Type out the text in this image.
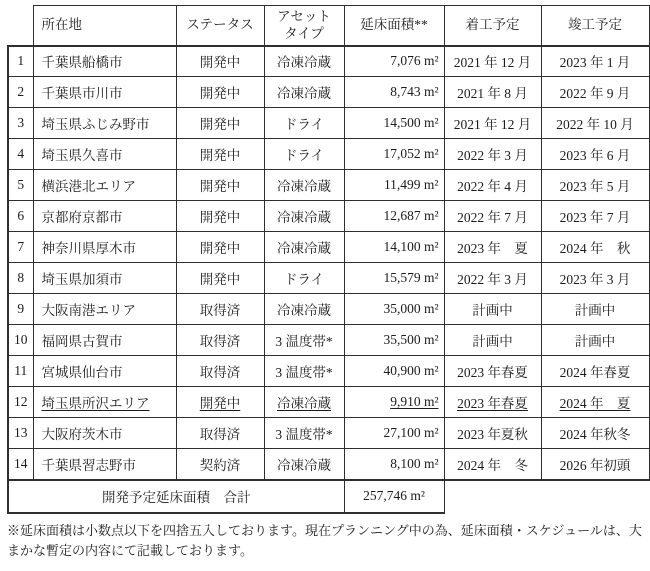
	所在地	ステータス	アセットタイプ	延床面積**	着工予定	竣工予定
1	千葉県船橋市	開発中	冷凍冷蔵	7,076 m²	2021 年 12 月	2023 年 1 月
2	千葉県市川市	開発中	冷凍冷蔵	8,743 m²	2021 年 8 月	2022 年 9 月
3	埼玉県ふじみ野市	開発中	ドライ	14,500 m²	2021 年 12 月	2022 年 10 月
4	埼玉県久喜市	開発中	ドライ	17,052 m²	2022 年 3 月	2023 年 6 月
5	横浜港北エリア	開発中	冷凍冷蔵	11,499 m²	2022 年 4 月	2023 年 5 月
6	京都府京都市	開発中	冷凍冷蔵	12,687 m²	2022 年 7 月	2023 年 7 月
7	神奈川県厚木市	開発中	冷凍冷蔵	14,100 m²	2023 年　夏	2024 年　秋
8	埼玉県加須市	開発中	ドライ	15,579 m²	2022 年 3 月	2023 年 3 月
9	大阪南港エリア	取得済	冷凍冷蔵	35,000 m²	計画中	計画中
10	福岡県古賀市	取得済	3 温度帯*	35,500 m²	計画中	計画中
11	宮城県仙台市	取得済	3 温度帯*	40,900 m²	2023 年春夏	2024 年春夏
12	埼玉県所沢エリア	開発中	冷凍冷蔵	9,910 m²	2023 年春夏	2024 年　夏
13	大阪府茨木市	取得済	3 温度帯*	27,100 m²	2023 年夏秋	2024 年秋冬
14	千葉県習志野市	契約済	冷凍冷蔵	8,100 m²	2024 年　冬	2026 年初頭
開発予定延床面積　合計				257,746 m²		
※延床面積は小数点以下を四捨五入しております。現在プランニング中の為、延床面積・スケジュールは、大まかな暫定の内容にて記載しております。
